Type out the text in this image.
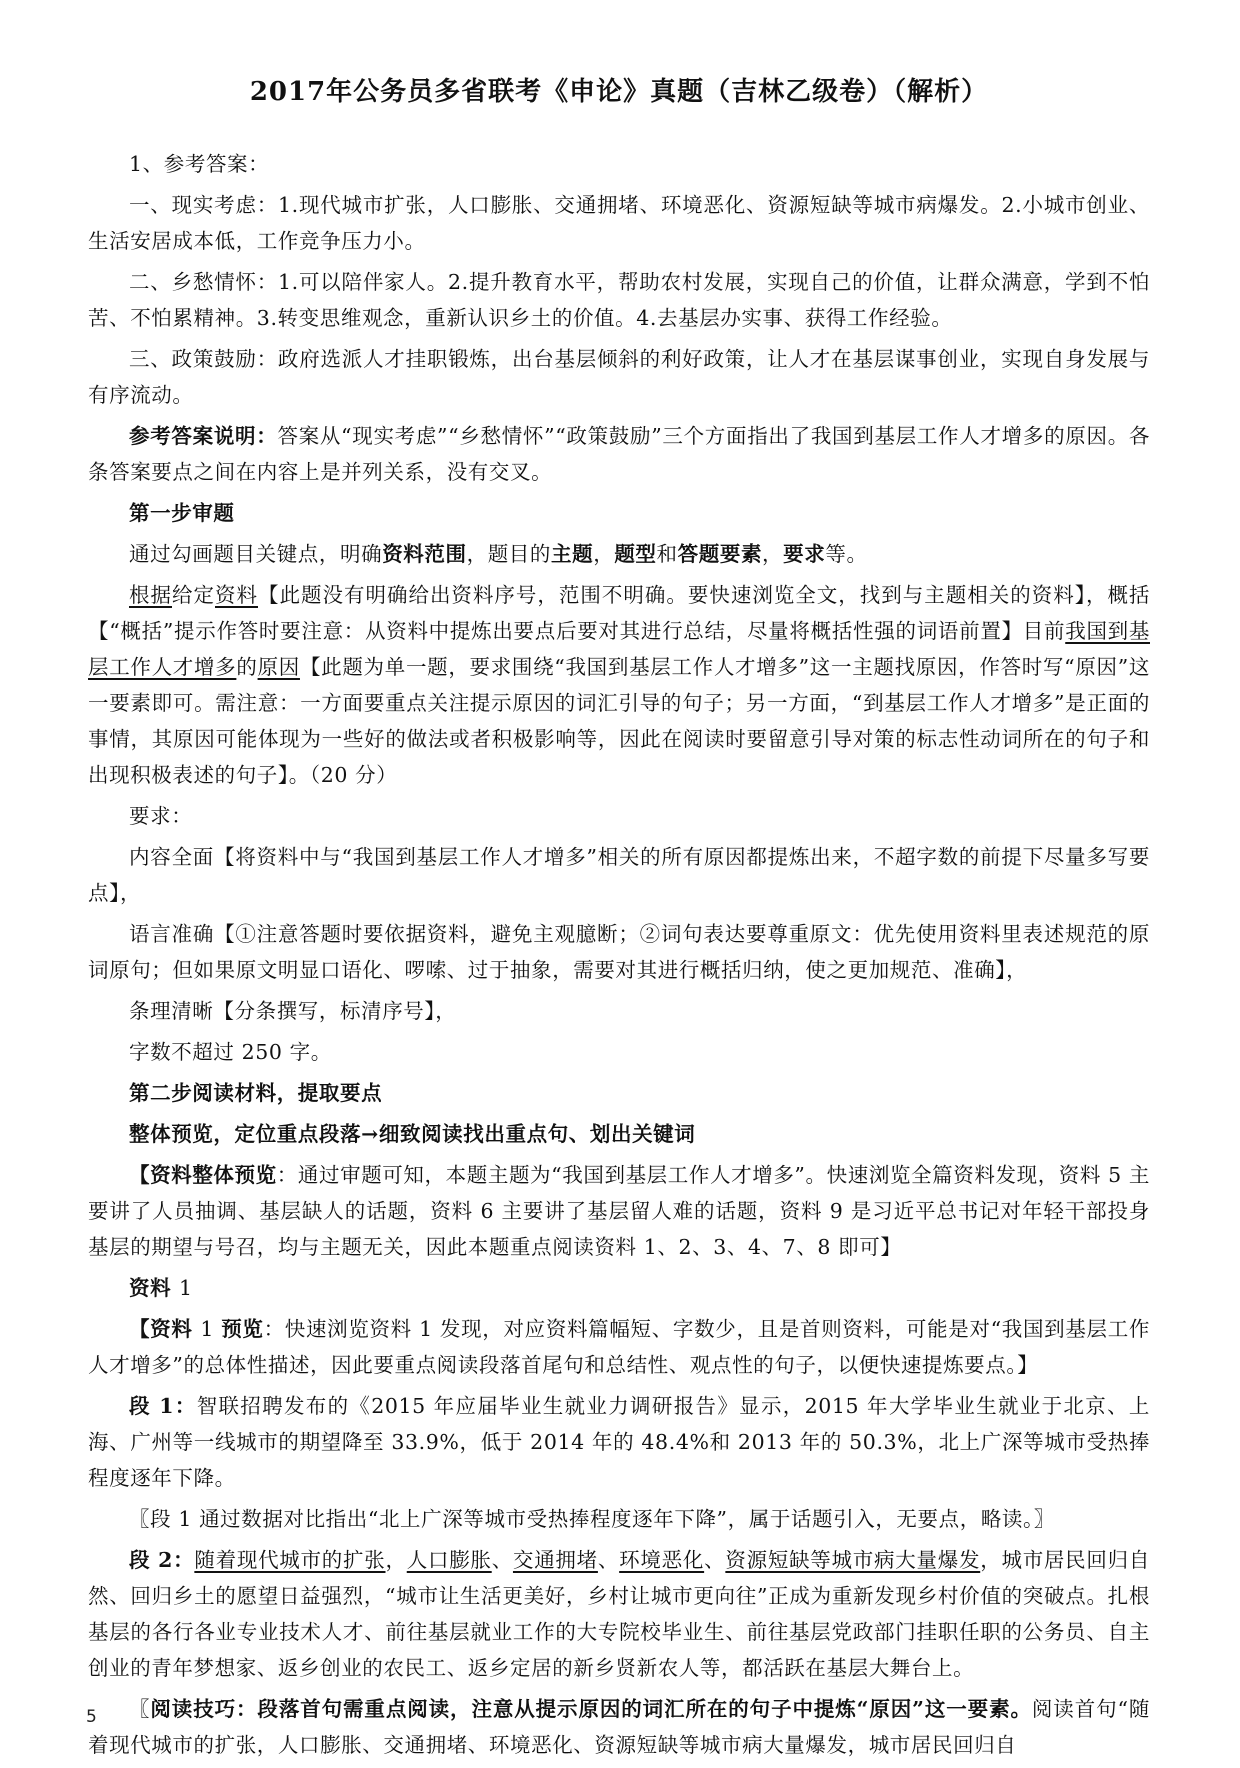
2017年公务员多省联考《申论》真题（吉林乙级卷）（解析）
1、参考答案：
一、现实考虑：1.现代城市扩张，人口膨胀、交通拥堵、环境恶化、资源短缺等城市病爆发。2.小城市创业、生活安居成本低，工作竞争压力小。
二、乡愁情怀：1.可以陪伴家人。2.提升教育水平，帮助农村发展，实现自己的价值，让群众满意，学到不怕苦、不怕累精神。3.转变思维观念，重新认识乡土的价值。4.去基层办实事、获得工作经验。
三、政策鼓励：政府选派人才挂职锻炼，出台基层倾斜的利好政策，让人才在基层谋事创业，实现自身发展与有序流动。
参考答案说明：答案从“现实考虑”“乡愁情怀”“政策鼓励”三个方面指出了我国到基层工作人才增多的原因。各条答案要点之间在内容上是并列关系，没有交叉。
第一步审题
通过勾画题目关键点，明确资料范围，题目的主题，题型和答题要素，要求等。
根据给定资料【此题没有明确给出资料序号，范围不明确。要快速浏览全文，找到与主题相关的资料】，概括【“概括”提示作答时要注意：从资料中提炼出要点后要对其进行总结，尽量将概括性强的词语前置】目前我国到基层工作人才增多的原因【此题为单一题，要求围绕“我国到基层工作人才增多”这一主题找原因，作答时写“原因”这一要素即可。需注意：一方面要重点关注提示原因的词汇引导的句子；另一方面，“到基层工作人才增多”是正面的事情，其原因可能体现为一些好的做法或者积极影响等，因此在阅读时要留意引导对策的标志性动词所在的句子和出现积极表述的句子】。（20 分）
要求：
内容全面【将资料中与“我国到基层工作人才增多”相关的所有原因都提炼出来，不超字数的前提下尽量多写要点】，
语言准确【①注意答题时要依据资料，避免主观臆断；②词句表达要尊重原文：优先使用资料里表述规范的原词原句；但如果原文明显口语化、啰嗦、过于抽象，需要对其进行概括归纳，使之更加规范、准确】，
条理清晰【分条撰写，标清序号】，
字数不超过 250 字。
第二步阅读材料，提取要点
整体预览，定位重点段落→细致阅读找出重点句、划出关键词
【资料整体预览：通过审题可知，本题主题为“我国到基层工作人才增多”。快速浏览全篇资料发现，资料 5 主要讲了人员抽调、基层缺人的话题，资料 6 主要讲了基层留人难的话题，资料 9 是习近平总书记对年轻干部投身基层的期望与号召，均与主题无关，因此本题重点阅读资料 1、2、3、4、7、8 即可】
资料 1
【资料 1 预览：快速浏览资料 1 发现，对应资料篇幅短、字数少，且是首则资料，可能是对“我国到基层工作人才增多”的总体性描述，因此要重点阅读段落首尾句和总结性、观点性的句子，以便快速提炼要点。】
段 1：智联招聘发布的《2015 年应届毕业生就业力调研报告》显示，2015 年大学毕业生就业于北京、上海、广州等一线城市的期望降至 33.9%，低于 2014 年的 48.4%和 2013 年的 50.3%，北上广深等城市受热捧程度逐年下降。
〖段 1 通过数据对比指出“北上广深等城市受热捧程度逐年下降”，属于话题引入，无要点，略读。〗
段 2：随着现代城市的扩张，人口膨胀、交通拥堵、环境恶化、资源短缺等城市病大量爆发，城市居民回归自然、回归乡土的愿望日益强烈，“城市让生活更美好，乡村让城市更向往”正成为重新发现乡村价值的突破点。扎根基层的各行各业专业技术人才、前往基层就业工作的大专院校毕业生、前往基层党政部门挂职任职的公务员、自主创业的青年梦想家、返乡创业的农民工、返乡定居的新乡贤新农人等，都活跃在基层大舞台上。
〖阅读技巧：段落首句需重点阅读，注意从提示原因的词汇所在的句子中提炼“原因”这一要素。阅读首句“随着现代城市的扩张，人口膨胀、交通拥堵、环境恶化、资源短缺等城市病大量爆发，城市居民回归自
5
